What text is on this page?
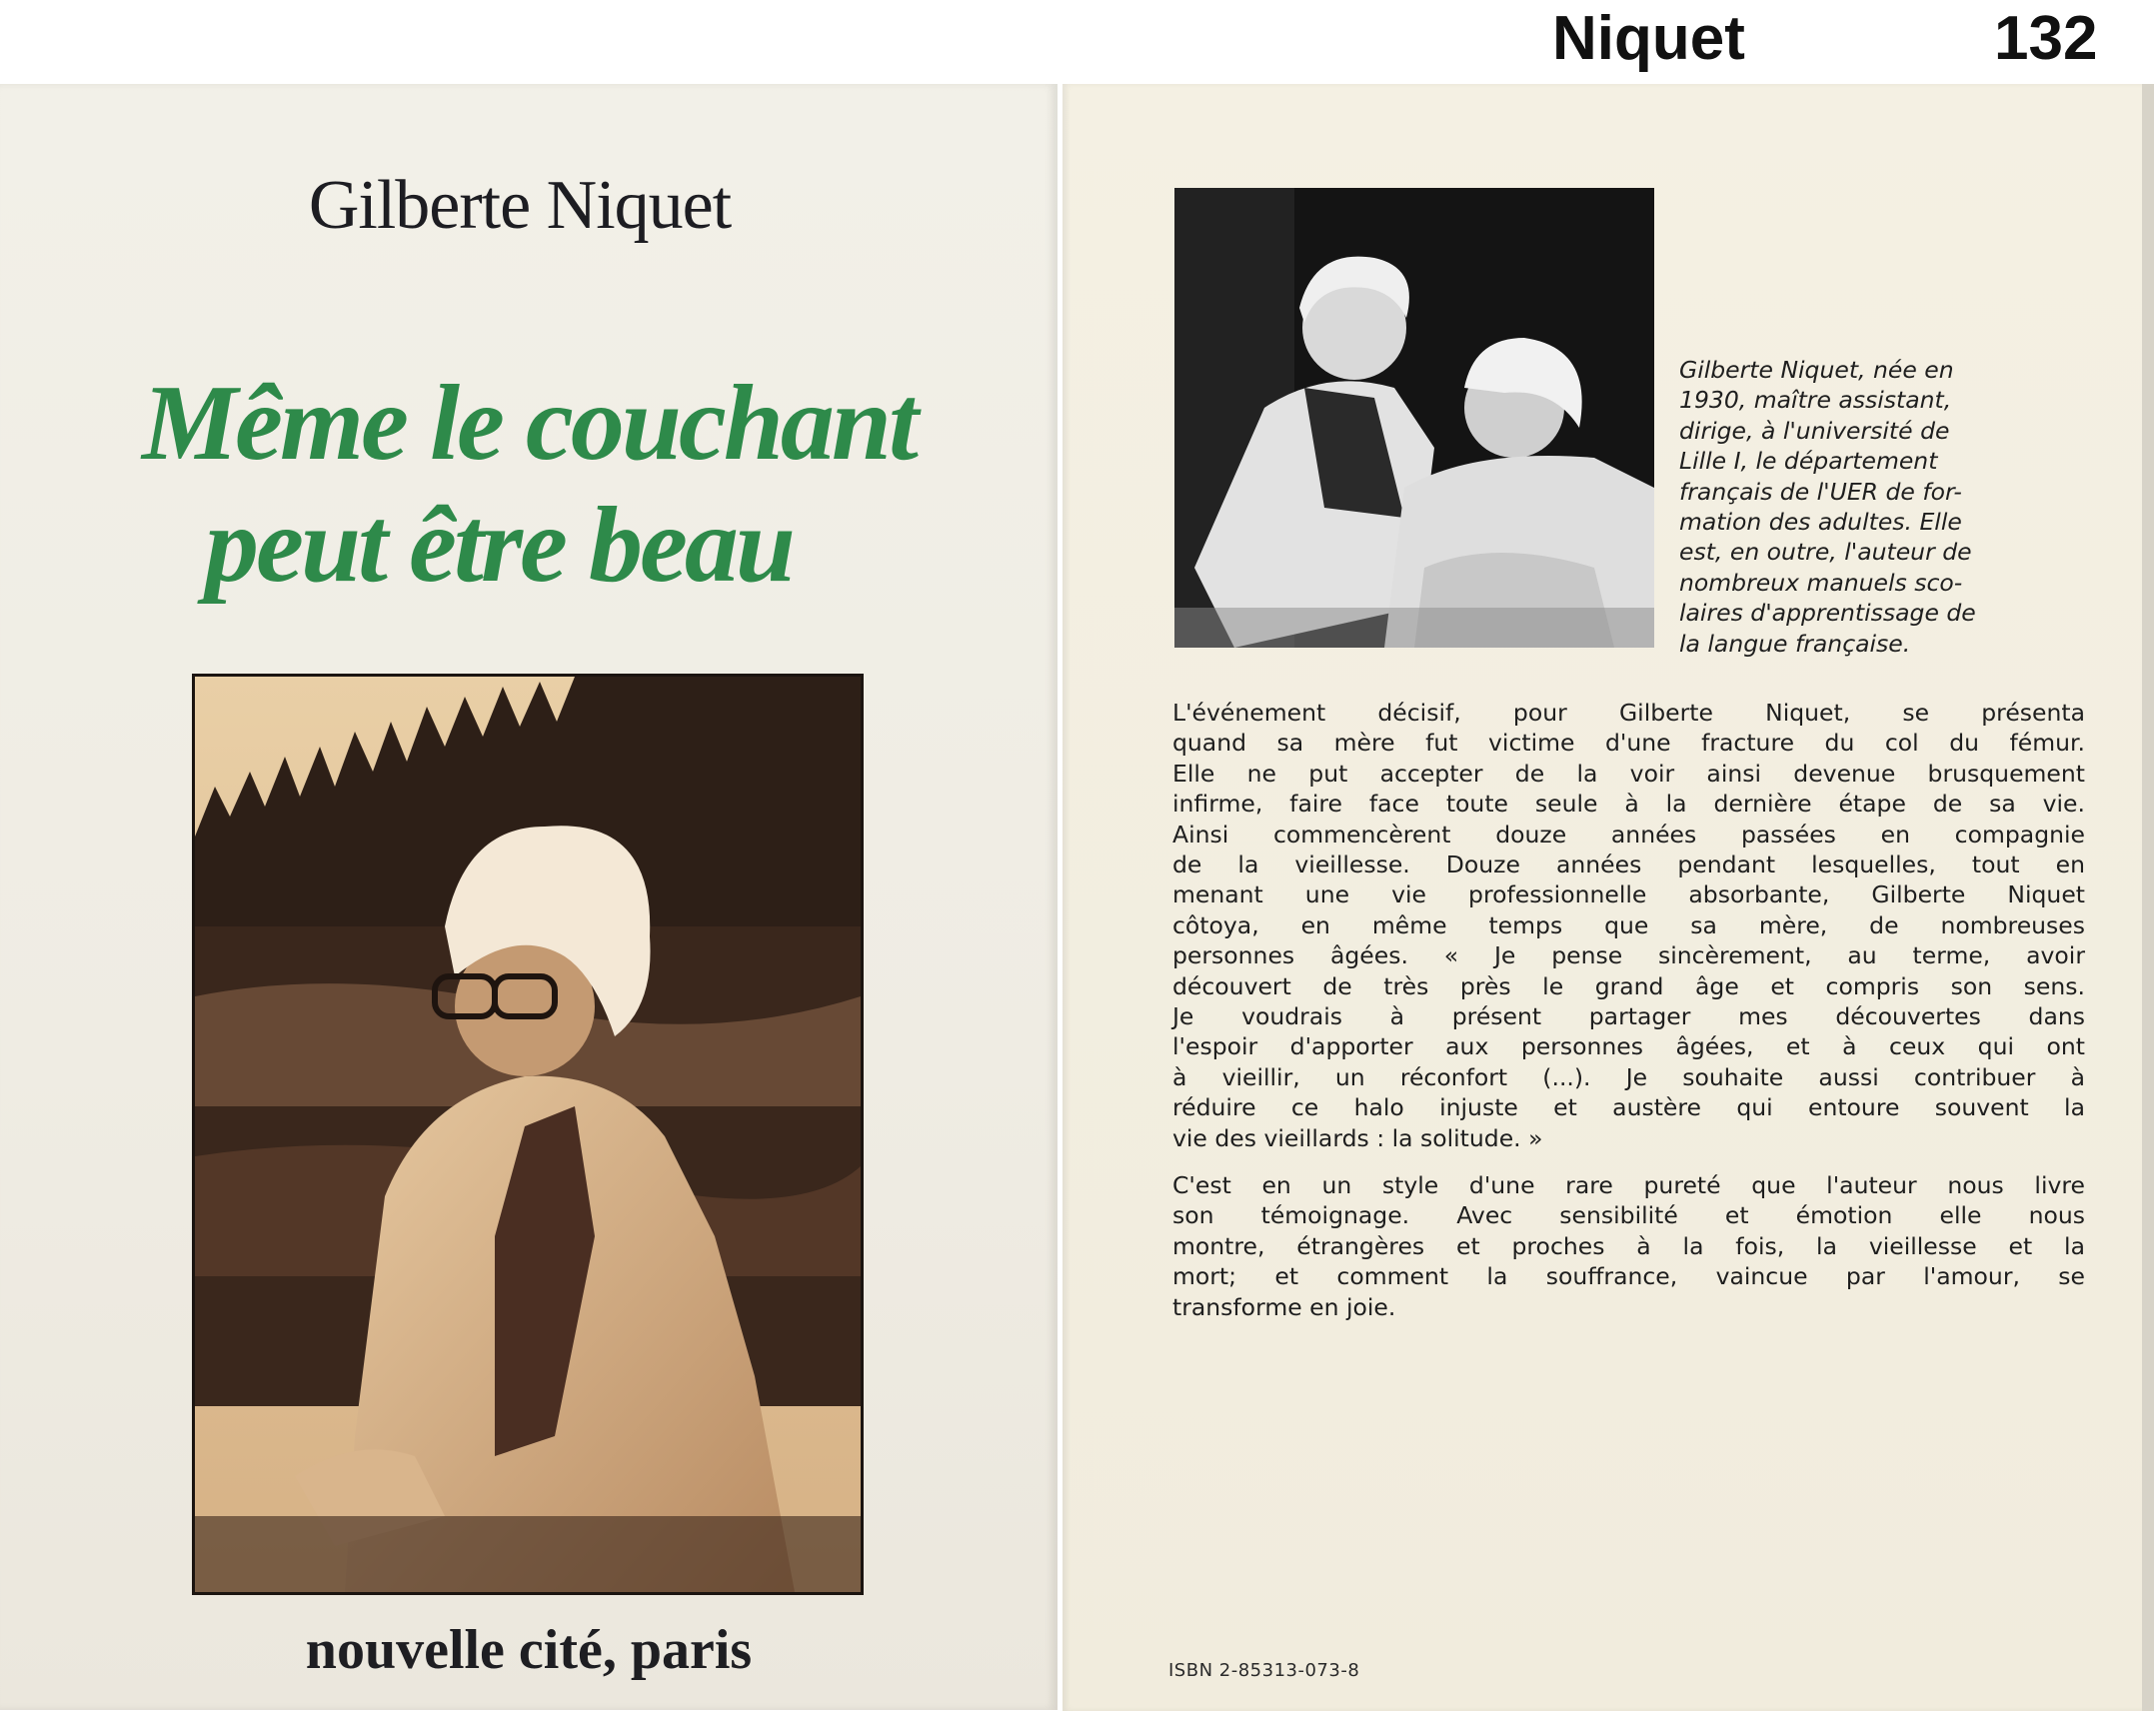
Niquet	132
Gilberte Niquet
Même le couchant
peut être beau
nouvelle cité, paris
Gilberte Niquet, née en
1930, maître assistant,
dirige, à l'université de
Lille I, le département
français de l'UER de for-
mation des adultes. Elle
est, en outre, l'auteur de
nombreux manuels sco-
laires d'apprentissage de
la langue française.
L'événement décisif, pour Gilberte Niquet, se présenta
quand sa mère fut victime d'une fracture du col du fémur.
Elle ne put accepter de la voir ainsi devenue brusquement
infirme, faire face toute seule à la dernière étape de sa vie.
Ainsi commencèrent douze années passées en compagnie
de la vieillesse. Douze années pendant lesquelles, tout en
menant une vie professionnelle absorbante, Gilberte Niquet
côtoya, en même temps que sa mère, de nombreuses
personnes âgées. « Je pense sincèrement, au terme, avoir
découvert de très près le grand âge et compris son sens.
Je voudrais à présent partager mes découvertes dans
l'espoir d'apporter aux personnes âgées, et à ceux qui ont
à vieillir, un réconfort (...). Je souhaite aussi contribuer à
réduire ce halo injuste et austère qui entoure souvent la
vie des vieillards : la solitude. »
C'est en un style d'une rare pureté que l'auteur nous livre
son témoignage. Avec sensibilité et émotion elle nous
montre, étrangères et proches à la fois, la vieillesse et la
mort; et comment la souffrance, vaincue par l'amour, se
transforme en joie.
ISBN 2-85313-073-8
